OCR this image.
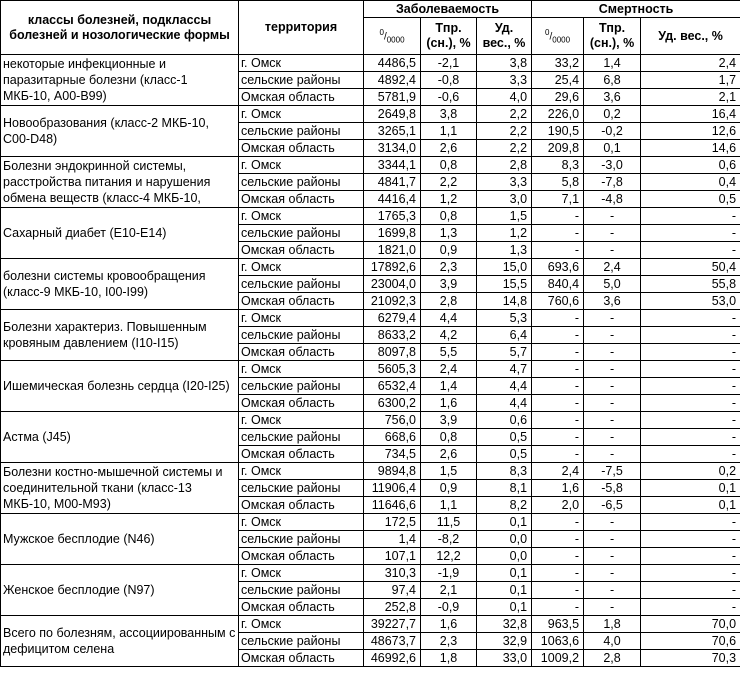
классы болезней, подклассы болезней и нозологические формы	территория	Заболеваемость			Смертность		
		$^0/_{0000}$	Тпр.(сн.), %	Уд. вес., %	$^0/_{0000}$	Тпр.(сн.), %	Уд. вес., %
некоторые инфекционные и паразитарные болезни (класс-1 МКБ-10, А00-В99)	г. Омск	4486,5	-2,1	3,8	33,2	1,4	2,4
	сельские районы	4892,4	-0,8	3,3	25,4	6,8	1,7
	Омская область	5781,9	-0,6	4,0	29,6	3,6	2,1
Новообразования (класс-2 МКБ-10, С00-D48)	г. Омск	2649,8	3,8	2,2	226,0	0,2	16,4
	сельские районы	3265,1	1,1	2,2	190,5	-0,2	12,6
	Омская область	3134,0	2,6	2,2	209,8	0,1	14,6
Болезни эндокринной системы, расстройства питания и нарушения обмена веществ (класс-4 МКБ-10,	г. Омск	3344,1	0,8	2,8	8,3	-3,0	0,6
	сельские районы	4841,7	2,2	3,3	5,8	-7,8	0,4
	Омская область	4416,4	1,2	3,0	7,1	-4,8	0,5
Сахарный диабет (Е10-Е14)	г. Омск	1765,3	0,8	1,5	-	-	-
	сельские районы	1699,8	1,3	1,2	-	-	-
	Омская область	1821,0	0,9	1,3	-	-	-
болезни системы кровообращения (класс-9 МКБ-10, I00-I99)	г. Омск	17892,6	2,3	15,0	693,6	2,4	50,4
	сельские районы	23004,0	3,9	15,5	840,4	5,0	55,8
	Омская область	21092,3	2,8	14,8	760,6	3,6	53,0
Болезни характериз. Повышенным кровяным давлением (I10-I15)	г. Омск	6279,4	4,4	5,3	-	-	-
	сельские районы	8633,2	4,2	6,4	-	-	-
	Омская область	8097,8	5,5	5,7	-	-	-
Ишемическая болезнь сердца (I20-I25)	г. Омск	5605,3	2,4	4,7	-	-	-
	сельские районы	6532,4	1,4	4,4	-	-	-
	Омская область	6300,2	1,6	4,4	-	-	-
Астма (J45)	г. Омск	756,0	3,9	0,6	-	-	-
	сельские районы	668,6	0,8	0,5	-	-	-
	Омская область	734,5	2,6	0,5	-	-	-
Болезни костно-мышечной системы и соединительной ткани (класс-13 МКБ-10, М00-М93)	г. Омск	9894,8	1,5	8,3	2,4	-7,5	0,2
	сельские районы	11906,4	0,9	8,1	1,6	-5,8	0,1
	Омская область	11646,6	1,1	8,2	2,0	-6,5	0,1
Мужское бесплодие (N46)	г. Омск	172,5	11,5	0,1	-	-	-
	сельские районы	1,4	-8,2	0,0	-	-	-
	Омская область	107,1	12,2	0,0	-	-	-
Женское бесплодие (N97)	г. Омск	310,3	-1,9	0,1	-	-	-
	сельские районы	97,4	2,1	0,1	-	-	-
	Омская область	252,8	-0,9	0,1	-	-	-
Всего по болезням, ассоциированным с дефицитом селена	г. Омск	39227,7	1,6	32,8	963,5	1,8	70,0
	сельские районы	48673,7	2,3	32,9	1063,6	4,0	70,6
	Омская область	46992,6	1,8	33,0	1009,2	2,8	70,3
